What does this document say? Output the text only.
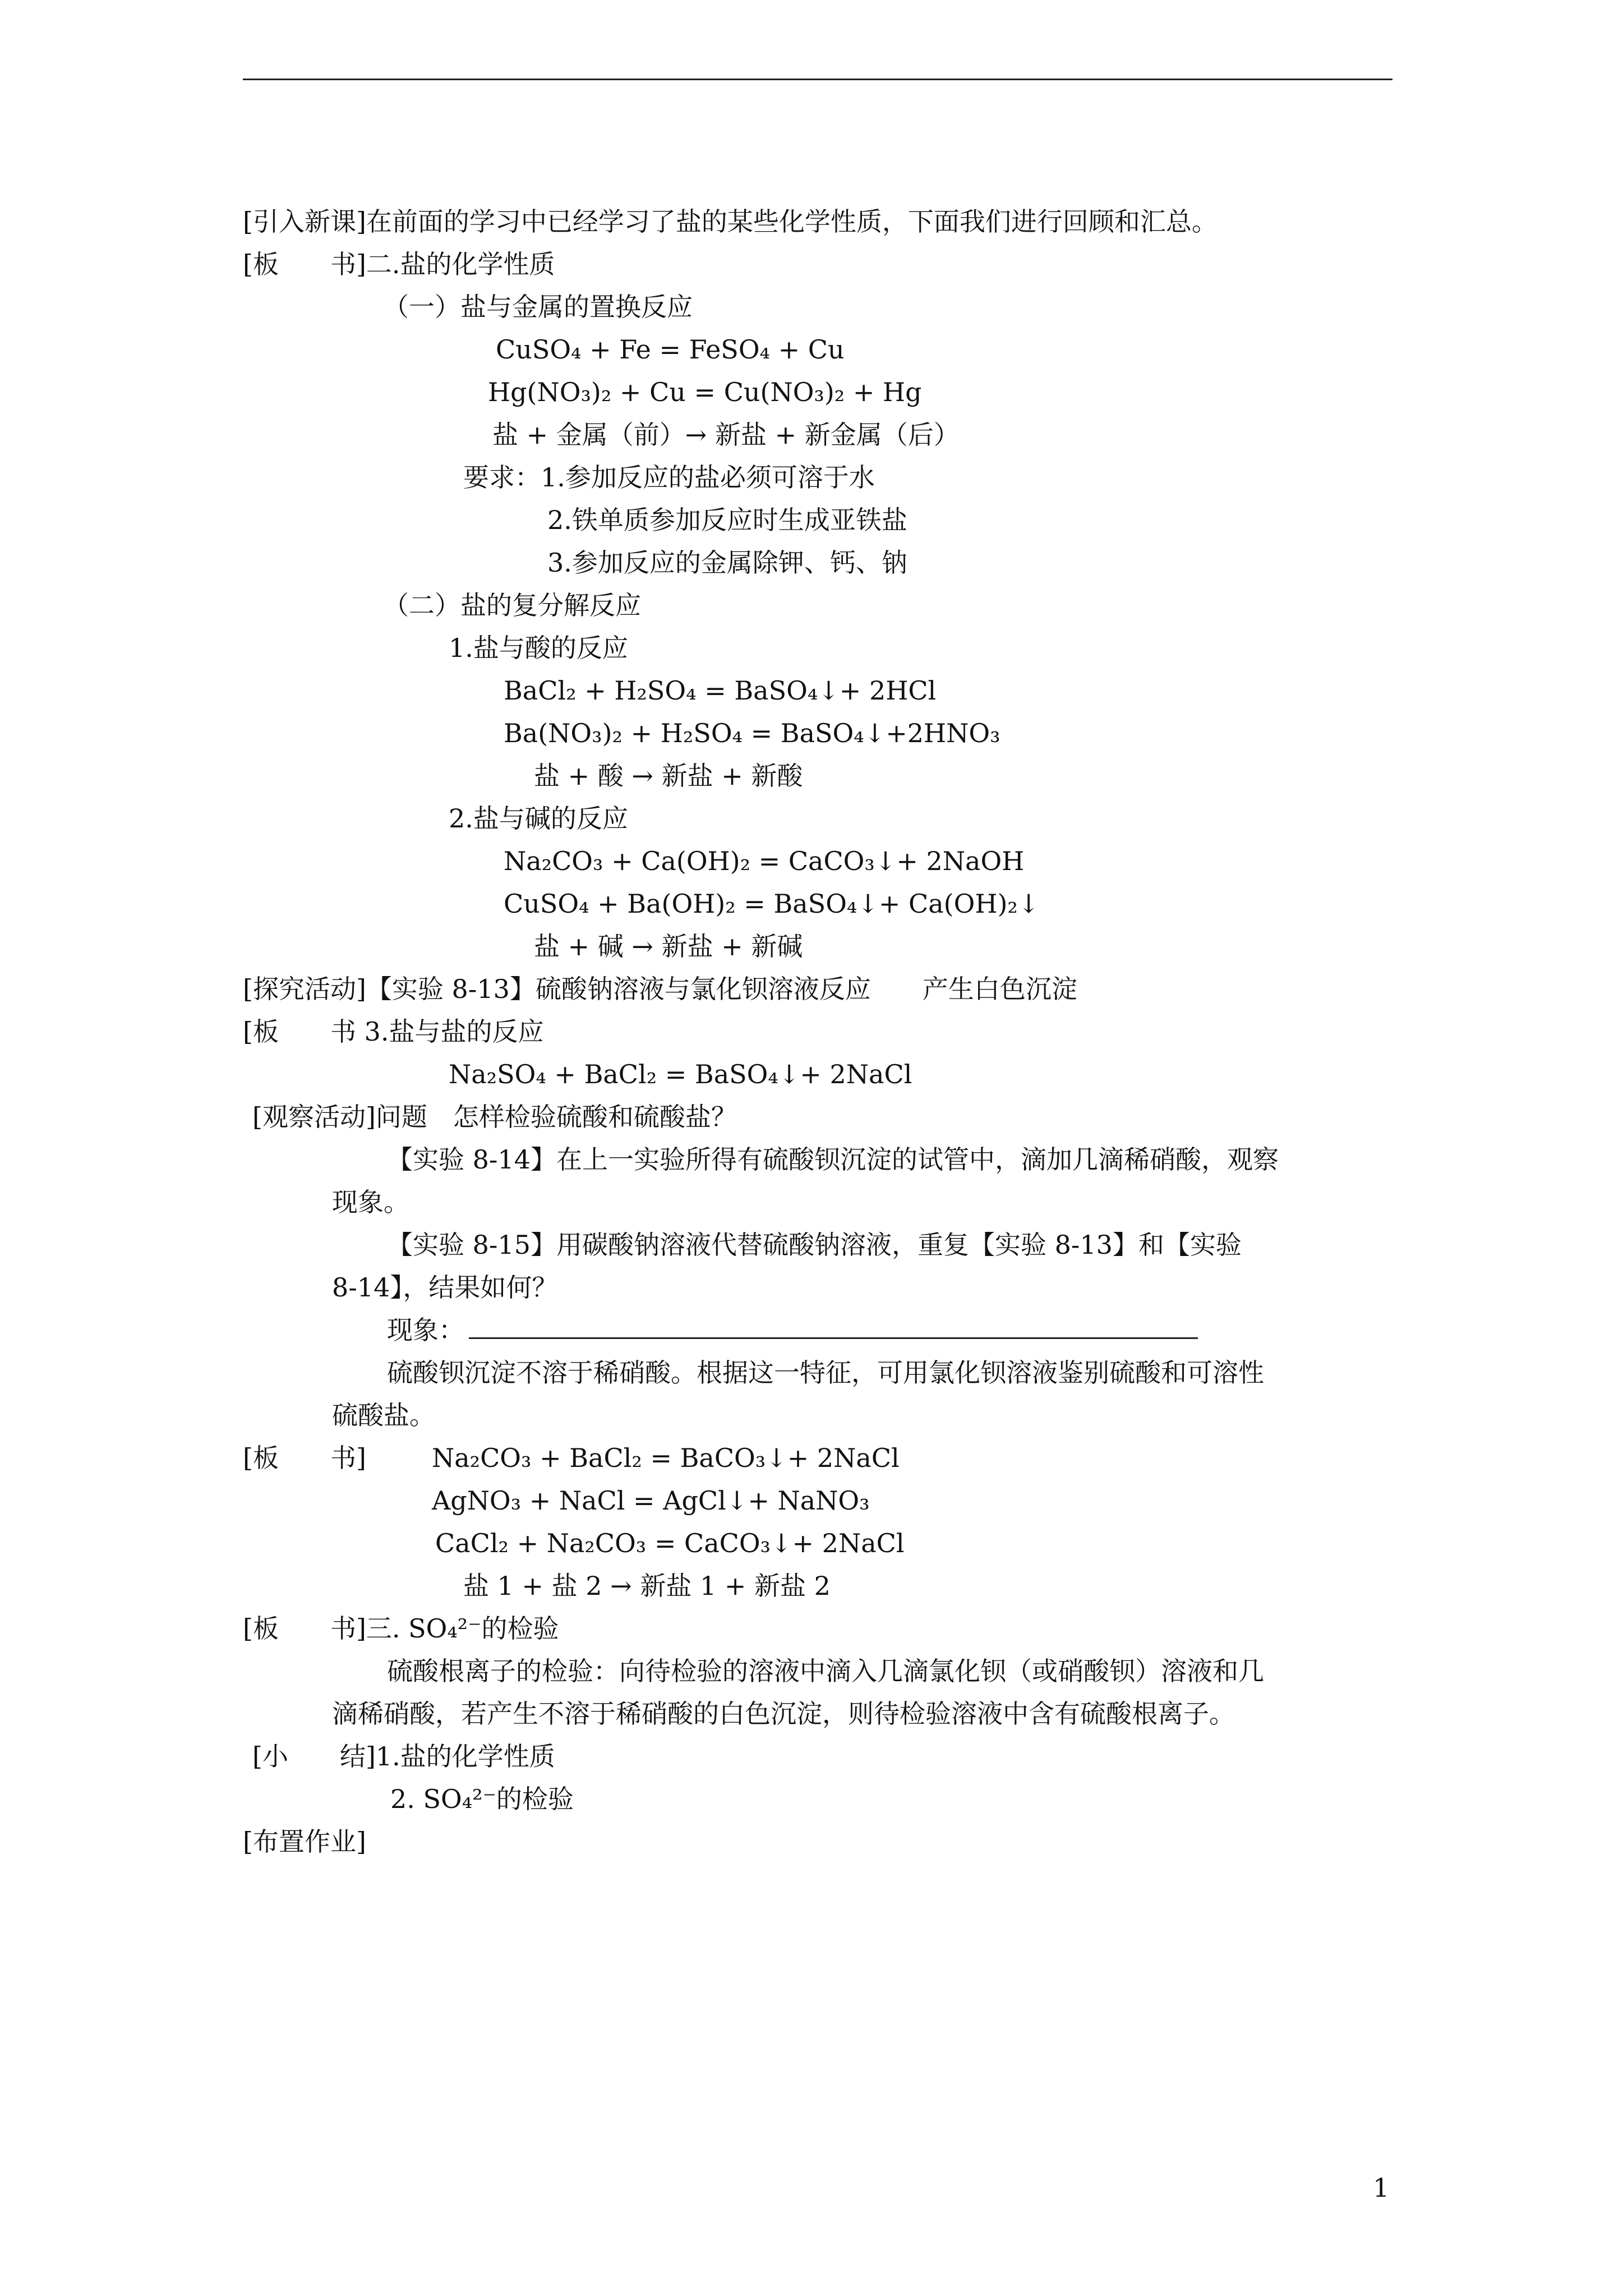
[引入新课]在前面的学习中已经学习了盐的某些化学性质，下面我们进行回顾和汇总。
[板　　书]二.盐的化学性质
（一）盐与金属的置换反应
CuSO₄ + Fe = FeSO₄ + Cu
Hg(NO₃)₂ + Cu = Cu(NO₃)₂ + Hg
盐 + 金属（前）→ 新盐 + 新金属（后）
要求：1.参加反应的盐必须可溶于水
2.铁单质参加反应时生成亚铁盐
3.参加反应的金属除钾、钙、钠
（二）盐的复分解反应
1.盐与酸的反应
BaCl₂ + H₂SO₄ = BaSO₄↓+ 2HCl
Ba(NO₃)₂ + H₂SO₄ = BaSO₄↓+2HNO₃
盐 + 酸 → 新盐 + 新酸
2.盐与碱的反应
Na₂CO₃ + Ca(OH)₂ = CaCO₃↓+ 2NaOH
CuSO₄ + Ba(OH)₂ = BaSO₄↓+ Ca(OH)₂↓
盐 + 碱 → 新盐 + 新碱
[探究活动]【实验 8-13】硫酸钠溶液与氯化钡溶液反应　　产生白色沉淀
[板　　书 3.盐与盐的反应
Na₂SO₄ + BaCl₂ = BaSO₄↓+ 2NaCl
[观察活动]问题　怎样检验硫酸和硫酸盐？
【实验 8-14】在上一实验所得有硫酸钡沉淀的试管中，滴加几滴稀硝酸，观察
现象。
【实验 8-15】用碳酸钠溶液代替硫酸钠溶液，重复【实验 8-13】和【实验
8-14】，结果如何？
现象：
硫酸钡沉淀不溶于稀硝酸。根据这一特征，可用氯化钡溶液鉴别硫酸和可溶性
硫酸盐。
[板　　书]	Na₂CO₃ + BaCl₂ = BaCO₃↓+ 2NaCl
AgNO₃ + NaCl = AgCl↓+ NaNO₃
CaCl₂ + Na₂CO₃ = CaCO₃↓+ 2NaCl
盐 1 + 盐 2 → 新盐 1 + 新盐 2
[板　　书]三. SO₄²⁻的检验
硫酸根离子的检验：向待检验的溶液中滴入几滴氯化钡（或硝酸钡）溶液和几
滴稀硝酸，若产生不溶于稀硝酸的白色沉淀，则待检验溶液中含有硫酸根离子。
[小　　结]1.盐的化学性质
2. SO₄²⁻的检验
[布置作业]
1
